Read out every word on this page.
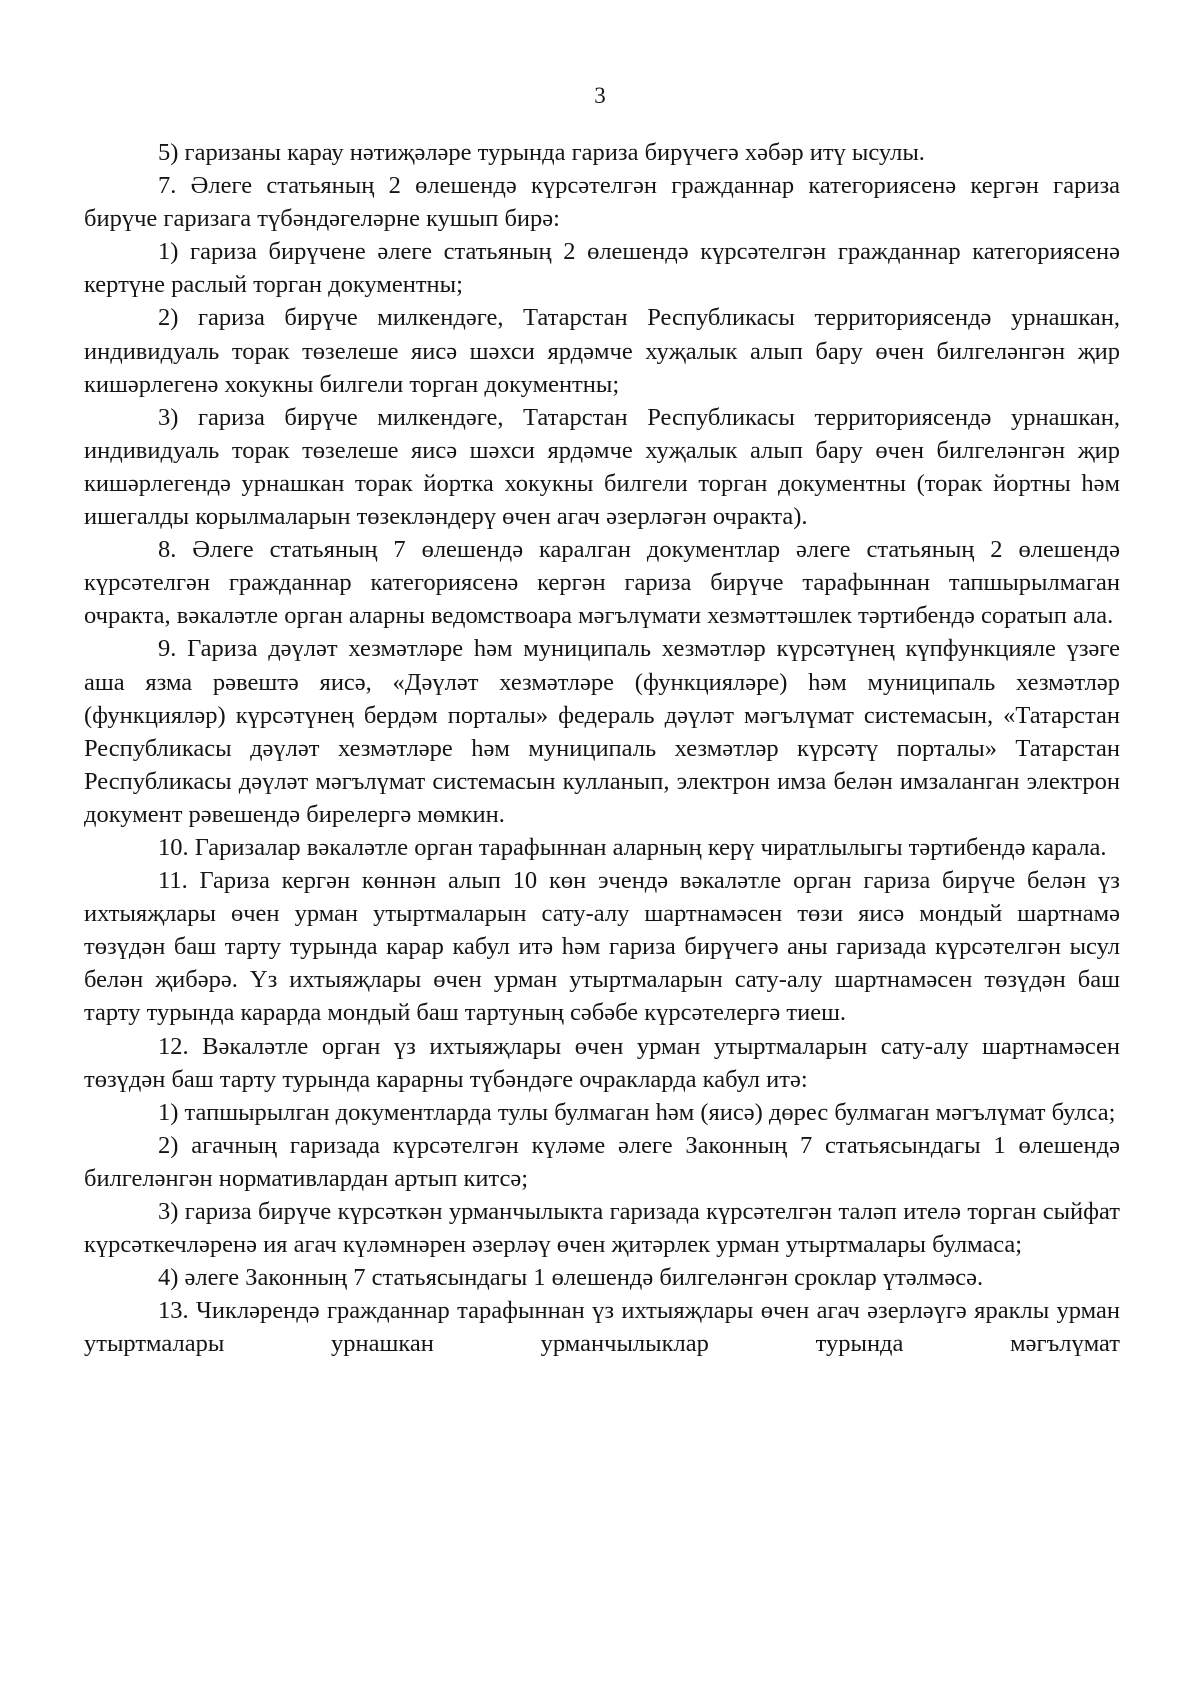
3

5) гаризаны карау нәтиҗәләре турында гариза бирүчегә хәбәр итү ысулы.

7. Әлеге статьяның 2 өлешендә күрсәтелгән гражданнар категориясенә кергән гариза бирүче гаризага түбәндәгеләрне кушып бирә:

1) гариза бирүчене әлеге статьяның 2 өлешендә күрсәтелгән гражданнар категориясенә кертүне раслый торган документны;

2) гариза бирүче милкендәге, Татарстан Республикасы территориясендә урнашкан, индивидуаль торак төзелеше яисә шәхси ярдәмче хуҗалык алып бару өчен билгеләнгән җир кишәрлегенә хокукны билгели торган документны;

3) гариза бирүче милкендәге, Татарстан Республикасы территориясендә урнашкан, индивидуаль торак төзелеше яисә шәхси ярдәмче хуҗалык алып бару өчен билгеләнгән җир кишәрлегендә урнашкан торак йортка хокукны билгели торган документны (торак йортны һәм ишегалды корылмаларын төзекләндерү өчен агач әзерләгән очракта).

8. Әлеге статьяның 7 өлешендә каралган документлар әлеге статьяның 2 өлешендә күрсәтелгән гражданнар категориясенә кергән гариза бирүче тарафыннан тапшырылмаган очракта, вәкаләтле орган аларны ведомствоара мәгълүмати хезмәттәшлек тәртибендә соратып ала.

9. Гариза дәүләт хезмәтләре һәм муниципаль хезмәтләр күрсәтүнең күпфункцияле үзәге аша язма рәвештә яисә, «Дәүләт хезмәтләре (функцияләре) һәм муниципаль хезмәтләр (функцияләр) күрсәтүнең бердәм порталы» федераль дәүләт мәгълүмат системасын, «Татарстан Республикасы дәүләт хезмәтләре һәм муниципаль хезмәтләр күрсәтү порталы» Татарстан Республикасы дәүләт мәгълүмат системасын кулланып, электрон имза белән имзаланган электрон документ рәвешендә бирелергә мөмкин.

10. Гаризалар вәкаләтле орган тарафыннан аларның керү чиратлылыгы тәртибендә карала.

11. Гариза кергән көннән алып 10 көн эчендә вәкаләтле орган гариза бирүче белән үз ихтыяҗлары өчен урман утыртмаларын сату-алу шартнамәсен төзи яисә мондый шартнамә төзүдән баш тарту турында карар кабул итә һәм гариза бирүчегә аны гаризада күрсәтелгән ысул белән җибәрә. Үз ихтыяҗлары өчен урман утыртмаларын сату-алу шартнамәсен төзүдән баш тарту турында карарда мондый баш тартуның сәбәбе күрсәтелергә тиеш.

12. Вәкаләтле орган үз ихтыяҗлары өчен урман утыртмаларын сату-алу шартнамәсен төзүдән баш тарту турында карарны түбәндәге очракларда кабул итә:

1) тапшырылган документларда тулы булмаган һәм (яисә) дөрес булмаган мәгълүмат булса;

2) агачның гаризада күрсәтелгән күләме әлеге Законның 7 статьясындагы 1 өлешендә билгеләнгән нормативлардан артып китсә;

3) гариза бирүче күрсәткән урманчылыкта гаризада күрсәтелгән таләп ителә торган сыйфат күрсәткечләренә ия агач күләмнәрен әзерләү өчен җитәрлек урман утыртмалары булмаса;

4) әлеге Законның 7 статьясындагы 1 өлешендә билгеләнгән сроклар үтәлмәсә.

13. Чикләрендә гражданнар тарафыннан үз ихтыяҗлары өчен агач әзерләүгә яраклы урман утыртмалары урнашкан урманчылыклар турында мәгълүмат
